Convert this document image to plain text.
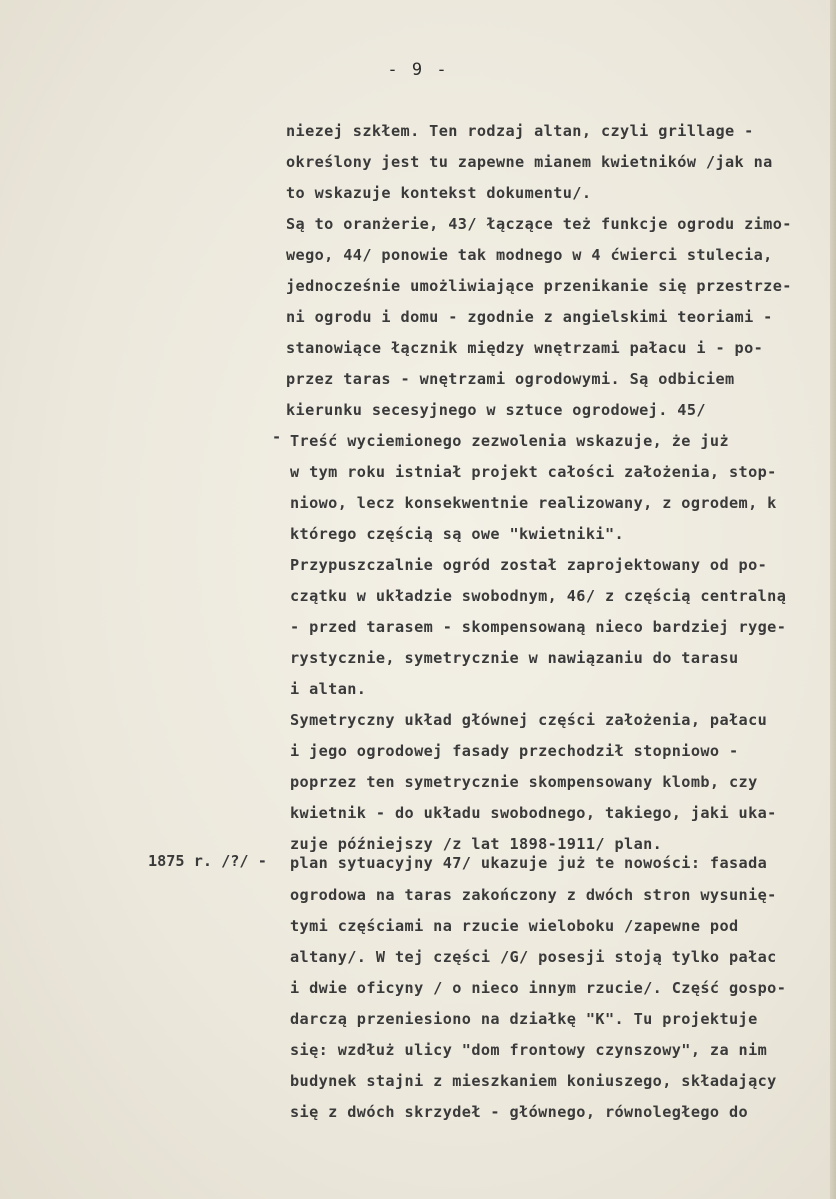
- 9 -
-
1875 r. /?/ -
niezej szkłem. Ten rodzaj altan, czyli grillage -
określony jest tu zapewne mianem kwietników /jak na
to wskazuje kontekst dokumentu/.
Są to oranżerie, 43/ łączące też funkcje ogrodu zimo-
wego, 44/ ponowie tak modnego w 4 ćwierci stulecia,
jednocześnie umożliwiające przenikanie się przestrze-
ni ogrodu i domu - zgodnie z angielskimi teoriami -
stanowiące łącznik między wnętrzami pałacu i - po-
przez taras - wnętrzami ogrodowymi. Są odbiciem
kierunku secesyjnego w sztuce ogrodowej. 45/
Treść wyciemionego zezwolenia wskazuje, że już
w tym roku istniał projekt całości założenia, stop-
niowo, lecz konsekwentnie realizowany, z ogrodem, k
którego częścią są owe "kwietniki".
Przypuszczalnie ogród został zaprojektowany od po-
czątku w układzie swobodnym, 46/ z częścią centralną
- przed tarasem - skompensowaną nieco bardziej ryge-
rystycznie, symetrycznie w nawiązaniu do tarasu
i altan.
Symetryczny układ głównej części założenia, pałacu
i jego ogrodowej fasady przechodził stopniowo -
poprzez ten symetrycznie skompensowany klomb, czy
kwietnik - do układu swobodnego, takiego, jaki uka-
zuje późniejszy /z lat 1898-1911/ plan.
plan sytuacyjny 47/ ukazuje już te nowości: fasada
ogrodowa na taras zakończony z dwóch stron wysunię-
tymi częściami na rzucie wieloboku /zapewne pod
altany/. W tej części /G/ posesji stoją tylko pałac
i dwie oficyny / o nieco innym rzucie/. Część gospo-
darczą przeniesiono na działkę "K". Tu projektuje
się: wzdłuż ulicy "dom frontowy czynszowy", za nim
budynek stajni z mieszkaniem koniuszego, składający
się z dwóch skrzydeł - głównego, równoległego do
